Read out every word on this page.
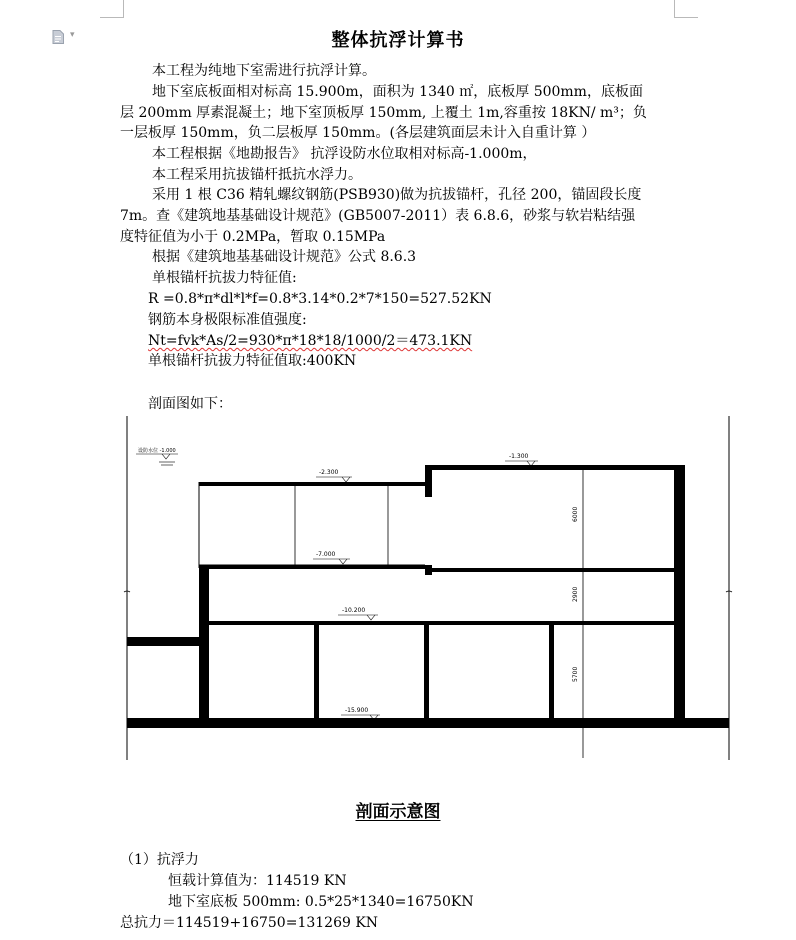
▾	整体抗浮计算书
本工程为纯地下室需进行抗浮计算。
地下室底板面相对标高 15.900m，面积为 1340 ㎡，底板厚 500mm，底板面
层 200mm 厚素混凝土；地下室顶板厚 150mm, 上覆土 1m,容重按 18KN/ m³；负
一层板厚 150mm，负二层板厚 150mm。(各层建筑面层未计入自重计算 ）
本工程根据《地勘报告》 抗浮设防水位取相对标高-1.000m，
本工程采用抗拔锚杆抵抗水浮力。
采用 1 根 C36 精轧螺纹钢筋(PSB930)做为抗拔锚杆，孔径 200，锚固段长度
7m。查《建筑地基基础设计规范》(GB5007-2011）表 6.8.6，砂浆与软岩粘结强
度特征值为小于 0.2MPa，暂取 0.15MPa
根据《建筑地基基础设计规范》公式 8.6.3
单根锚杆抗拔力特征值:
R =0.8*π*dl*l*f=0.8*3.14*0.2*7*150=527.52KN
钢筋本身极限标准值强度:
Nt=fvk*As/2=930*π*18*18/1000/2＝473.1KN
单根锚杆抗拔力特征值取:400KN
剖面图如下：
设防水位 -1.000
-2.300
-1.300
-7.000
-10.200
-15.900
6000
2900
5700
剖面示意图
（1）抗浮力
恒载计算值为：114519 KN
地下室底板 500mm: 0.5*25*1340=16750KN
总抗力＝114519+16750=131269 KN
